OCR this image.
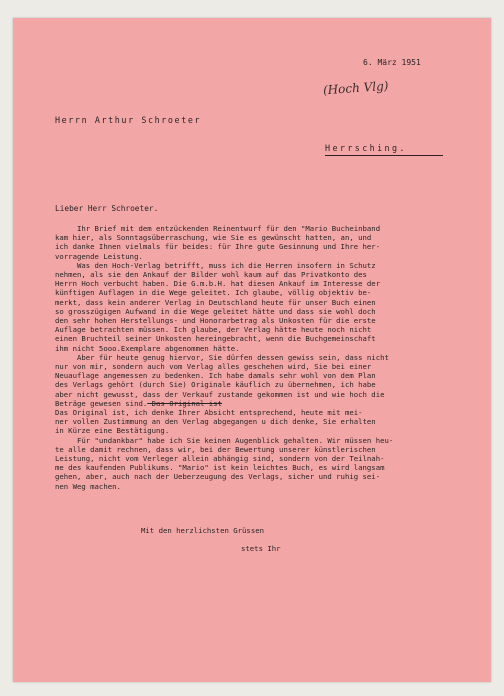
6. März 1951
(Hoch Vlg)
Herrn Arthur Schroeter
Herrsching.
Lieber Herr Schroeter.
Ihr Brief mit dem entzückenden Reinentwurf für den "Mario Bucheinband
kam hier, als Sonntagsüberraschung, wie Sie es gewünscht hatten, an, und
ich danke Ihnen vielmals für beides: für Ihre gute Gesinnung und Ihre her-
vorragende Leistung.
Was den Hoch-Verlag betrifft, muss ich die Herren insofern in Schutz
nehmen, als sie den Ankauf der Bilder wohl kaum auf das Privatkonto des
Herrn Hoch verbucht haben. Die G.m.b.H. hat diesen Ankauf im Interesse der
künftigen Auflagen in die Wege geleitet. Ich glaube, völlig objektiv be-
merkt, dass kein anderer Verlag in Deutschland heute für unser Buch einen
so grosszügigen Aufwand in die Wege geleitet hätte und dass sie wohl doch
den sehr hohen Herstellungs- und Honorarbetrag als Unkosten für die erste
Auflage betrachten müssen. Ich glaube, der Verlag hätte heute noch nicht
einen Bruchteil seiner Unkosten hereingebracht, wenn die Buchgemeinschaft
ihm nicht 5ooo.Exemplare abgenommen hätte.
Aber für heute genug hiervor, Sie dürfen dessen gewiss sein, dass nicht
nur von mir, sondern auch vom Verlag alles geschehen wird, Sie bei einer
Neuauflage angemessen zu bedenken. Ich habe damals sehr wohl von dem Plan
des Verlags gehört (durch Sie) Originale käuflich zu übernehmen, ich habe
aber nicht gewusst, dass der Verkauf zustande gekommen ist und wie hoch die
Beträge gewesen sind. Das Original ist
Das Original ist, ich denke Ihrer Absicht entsprechend, heute mit mei-
ner vollen Zustimmung an den Verlag abgegangen u dich denke, Sie erhalten
in Kürze eine Bestätigung.
Für "undankbar" habe ich Sie keinen Augenblick gehalten. Wir müssen heu-
te alle damit rechnen, dass wir, bei der Bewertung unserer künstlerischen
Leistung, nicht vom Verleger allein abhängig sind, sondern von der Teilnah-
me des kaufenden Publikums. "Mario" ist kein leichtes Buch, es wird langsam
gehen, aber, auch nach der Ueberzeugung des Verlags, sicher und ruhig sei-
nen Weg machen.
Mit den herzlichsten Grüssen
stets Ihr
